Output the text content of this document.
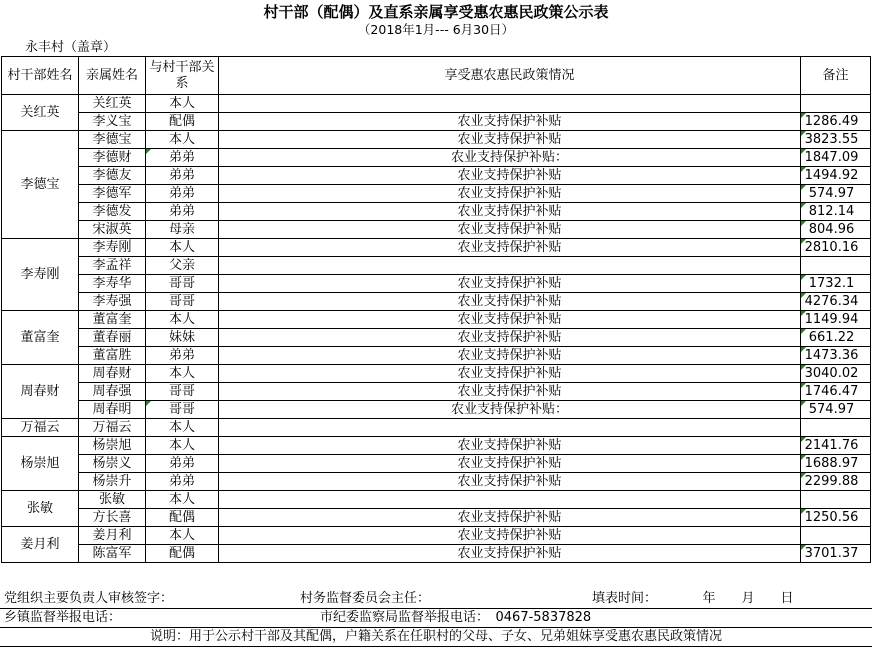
村干部（配偶）及直系亲属享受惠农惠民政策公示表
（2018年1月--- 6月30日）
永丰村（盖章）
村干部姓名	亲属姓名	与村干部关系	享受惠农惠民政策情况	备注
关红英	关红英	本人		
	李义宝	配偶	农业支持保护补贴	1286.49
李德宝	李德宝	本人	农业支持保护补贴	3823.55
	李德财	弟弟	农业支持保护补贴：	1847.09
	李德友	弟弟	农业支持保护补贴	1494.92
	李德军	弟弟	农业支持保护补贴	574.97
	李德发	弟弟	农业支持保护补贴	812.14
	宋淑英	母亲	农业支持保护补贴	804.96
李寿刚	李寿刚	本人	农业支持保护补贴	2810.16
	李孟祥	父亲		
	李寿华	哥哥	农业支持保护补贴	1732.1
	李寿强	哥哥	农业支持保护补贴	4276.34
董富奎	董富奎	本人	农业支持保护补贴	1149.94
	董春丽	妹妹	农业支持保护补贴	661.22
	董富胜	弟弟	农业支持保护补贴	1473.36
周春财	周春财	本人	农业支持保护补贴	3040.02
	周春强	哥哥	农业支持保护补贴	1746.47
	周春明	哥哥	农业支持保护补贴：	574.97
万福云	万福云	本人		
杨崇旭	杨崇旭	本人	农业支持保护补贴	2141.76
	杨崇义	弟弟	农业支持保护补贴	1688.97
	杨崇升	弟弟	农业支持保护补贴	2299.88
张敏	张敏	本人		
	方长喜	配偶	农业支持保护补贴	1250.56
姜月利	姜月利	本人	农业支持保护补贴	
	陈富军	配偶	农业支持保护补贴	3701.37
党组织主要负责人审核签字：	村务监督委员会主任：	填表时间：　　　　年　　月　　日
乡镇监督举报电话：	市纪委监察局监督举报电话：　0467-5837828
说明：用于公示村干部及其配偶，户籍关系在任职村的父母、子女、兄弟姐妹享受惠农惠民政策情况
